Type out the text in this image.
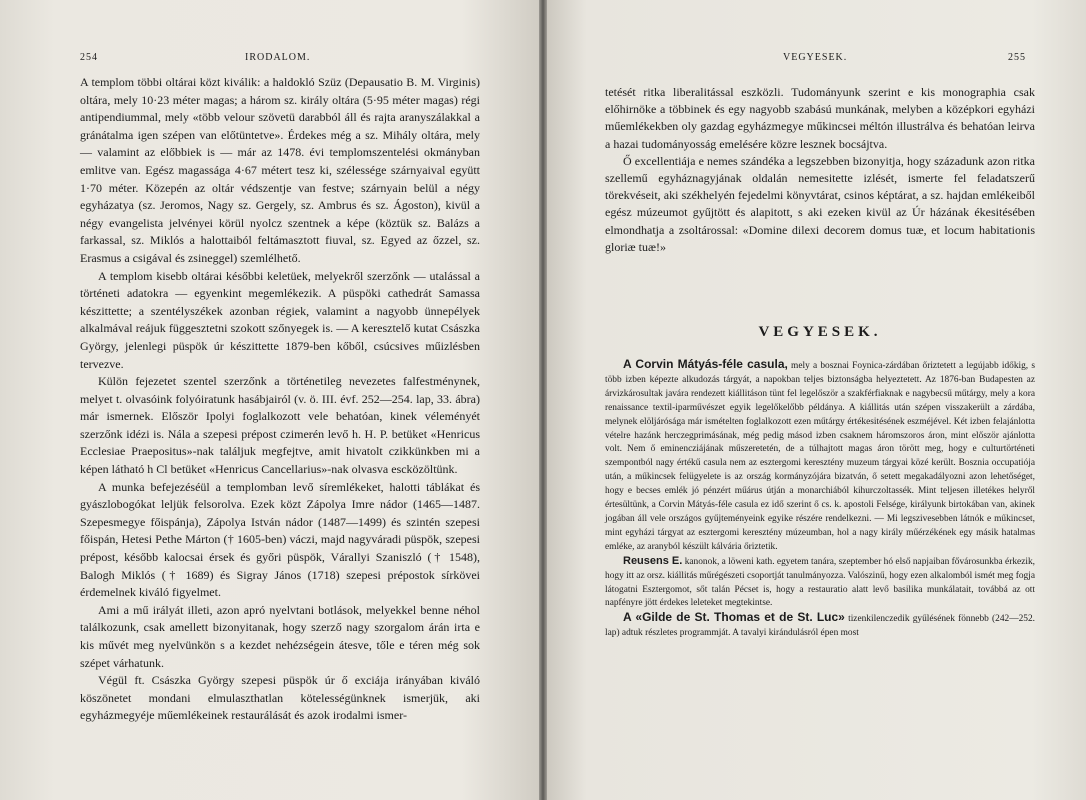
254	IRODALOM.

A templom többi oltárai közt kiválik: a haldokló Szüz (Depausatio B. M. Virginis) oltára, mely 10·23 méter magas; a három sz. király oltára (5·95 méter magas) régi antipendiummal, mely «több velour szövetü darabból áll és rajta aranyszálakkal a gránátalma igen szépen van előtüntetve». Érdekes még a sz. Mihály oltára, mely — valamint az előbbiek is — már az 1478. évi templomszentelési okmányban emlitve van. Egész magassága 4·67 métert tesz ki, szélessége szárnyaival együtt 1·70 méter. Közepén az oltár védszentje van festve; szárnyain belül a négy egyházatya (sz. Jeromos, Nagy sz. Gergely, sz. Ambrus és sz. Ágoston), kivül a négy evangelista jelvényei körül nyolcz szentnek a képe (köztük sz. Balázs a farkassal, sz. Miklós a halottaiból feltámasztott fiuval, sz. Egyed az őzzel, sz. Erasmus a csigával és zsineggel) szemlélhető.

A templom kisebb oltárai későbbi keletüek, melyekről szerzőnk — utalással a történeti adatokra — egyenkint megemlékezik. A püspöki cathedrát Samassa készittette; a szentélyszékek azonban régiek, valamint a nagyobb ünnepélyek alkalmával reájuk függesztetni szokott szőnyegek is. — A keresztelő kutat Császka György, jelenlegi püspök úr készittette 1879-ben kőből, csúcsives műizlésben tervezve.

Külön fejezetet szentel szerzőnk a történetileg nevezetes falfestménynek, melyet t. olvasóink folyóiratunk hasábjairól (v. ö. III. évf. 252—254. lap, 33. ábra) már ismernek. Először Ipolyi foglalkozott vele behatóan, kinek véleményét szerzőnk idézi is. Nála a szepesi prépost czimerén levő h. H. P. betüket «Henricus Ecclesiae Praepositus»-nak találjuk megfejtve, amit hivatolt czikkünkben mi a képen látható h Cl betüket «Henricus Cancellarius»-nak olvasva escközöltünk.

A munka befejezéséül a templomban levő síremlékeket, halotti táblákat és gyászlobogókat leljük felsorolva. Ezek közt Zápolya Imre nádor (1465—1487. Szepesmegye főispánja), Zápolya István nádor (1487—1499) és szintén szepesi főispán, Hetesi Pethe Márton († 1605-ben) váczi, majd nagyváradi püspök, szepesi prépost, később kalocsai érsek és győri püspök, Várallyi Szaniszló († 1548), Balogh Miklós († 1689) és Sigray János (1718) szepesi prépostok sírkövei érdemelnek kiváló figyelmet.

Ami a mű irályát illeti, azon apró nyelvtani botlások, melyekkel benne néhol találkozunk, csak amellett bizonyitanak, hogy szerző nagy szorgalom árán irta e kis művét meg nyelvünkön s a kezdet nehézségein átesve, tőle e téren még sok szépet várhatunk.

Végül ft. Császka György szepesi püspök úr ő exciája irányában kiváló köszönetet mondani elmulaszthatlan kötelességünknek ismerjük, aki egyházmegyéje műemlékeinek restaurálását és azok irodalmi ismer-

VEGYESEK.	255

tetését ritka liberalitással eszközli. Tudományunk szerint e kis monographia csak előhirnöke a többinek és egy nagyobb szabású munkának, melyben a középkori egyházi műemlékekben oly gazdag egyházmegye műkincsei méltón illustrálva és behatóan leirva a hazai tudományosság emelésére közre lesznek bocsájtva.

Ő excellentiája e nemes szándéka a legszebben bizonyitja, hogy századunk azon ritka szellemű egyháznagyjának oldalán nemesitette izlését, ismerte fel feladatszerű törekvéseit, aki székhelyén fejedelmi könyvtárat, csinos képtárat, a sz. hajdan emlékeiből egész múzeumot gyűjtött és alapitott, s aki ezeken kivül az Úr házának ékesitésében elmondhatja a zsoltárossal: «Domine dilexi decorem domus tuæ, et locum habitationis gloriæ tuæ!»

VEGYESEK.

A Corvin Mátyás-féle casula, mely a bosznai Foynica-zárdában őriztetett a legújabb időkig, s több izben képezte alkudozás tárgyát, a napokban teljes biztonságba helyeztetett. Az 1876-ban Budapesten az árvizkárosultak javára rendezett kiállitáson tünt fel legelőször a szakférfiaknak e nagybecsű műtárgy, mely a kora renaissance textil-iparművészet egyik legelőkelőbb példánya. A kiállitás után szépen visszakerült a zárdába, melynek elöljárósága már ismételten foglalkozott ezen műtárgy értékesitésének eszméjével. Két izben felajánlotta vételre hazánk herczegprimásának, még pedig másod izben csaknem háromszoros áron, mint először ajánlotta volt. Nem ő eminencziájának műszeretetén, de a túlhajtott magas áron törött meg, hogy e culturtörténeti szempontból nagy értékű casula nem az esztergomi keresztény muzeum tárgyai közé került. Bosznia occupatiója után, a műkincsek felügyelete is az ország kormányzójára bizatván, ő setett megakadályozni azon lehetőséget, hogy e becses emlék jó pénzért műárus útján a monarchiából kihurczoltassék. Mint teljesen illetékes helyről értesültünk, a Corvin Mátyás-féle casula ez idő szerint ő cs. k. apostoli Felsége, királyunk birtokában van, akinek jogában áll vele országos gyűjteményeink egyike részére rendelkezni. — Mi legszivesebben látnók e műkincset, mint egyházi tárgyat az esztergomi keresztény múzeumban, hol a nagy király műérzékének egy másik hatalmas emléke, az aranyból készült kálvária őriztetik.

Reusens E. kanonok, a löweni kath. egyetem tanára, szeptember hó első napjaiban fővárosunkba érkezik, hogy itt az orsz. kiállitás műrégészeti csoportját tanulmányozza. Valószinű, hogy ezen alkalomból ismét meg fogja látogatni Esztergomot, sőt talán Pécset is, hogy a restauratio alatt levő basilika munkálatait, továbbá az ott napfényre jött érdekes leleteket megtekintse.

A «Gilde de St. Thomas et de St. Luc» tizenkilenczedik gyűlésének fönnebb (242—252. lap) adtuk részletes programmját. A tavalyi kirándulásról épen most
